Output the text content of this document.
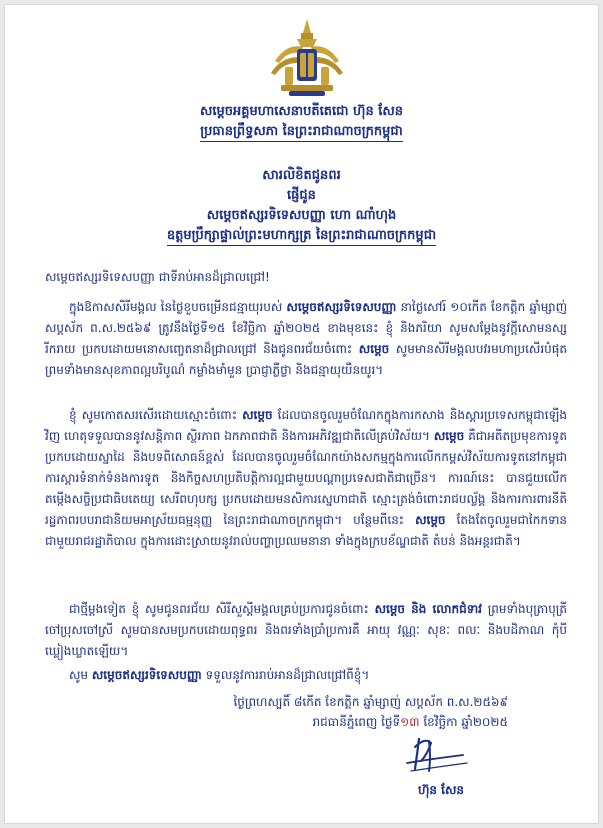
សម្ដេចអគ្គមហាសេនាបតីតេជោ ហ៊ុន សែន
ប្រធានព្រឹទ្ធសភា នៃព្រះរាជាណាចក្រកម្ពុជា
សារលិខិតជូនពរ
ផ្ញើជូន
សម្ដេចឥស្សរទិទេសបញ្ញា ហោ ណាំហុង
ឧត្ដមប្រឹក្សាផ្ទាល់ព្រះមហាក្សត្រ នៃព្រះរាជាណាចក្រកម្ពុជា
សម្ដេចឥស្សរទិទេសបញ្ញា ជាទីរាប់អានដ៏ជ្រាលជ្រៅ!
ក្នុងឱកាសសិរីមង្គល នៃថ្ងៃខួបចម្រើនជន្មាយុរបស់ សម្ដេចឥស្សរទិទេសបញ្ញា នាថ្ងៃសៅរ៍ ១០កើត ខែកត្ដិក ឆ្នាំម្សាញ់ សប្ដស័ក ព.ស.២៥៦៩ ត្រូវនឹងថ្ងៃទី១៥ ខែវិច្ឆិកា ឆ្នាំ២០២៥ ខាងមុខនេះ ខ្ញុំ និងភរិយា សូមសម្ដែងនូវក្ដីសោមនស្សរីករាយ ប្រកបដោយមនោសញ្ចេតនាដ៏ជ្រាលជ្រៅ និងជូនពរជ័យចំពោះ សម្ដេច សូមមានសិរីមង្គលបវរមហាប្រសើរបំផុត ព្រមទាំងមានសុខភាពល្អបរិបូណ៌ កម្លាំងមាំមួន ប្រាជ្ញាភ្លឺថ្លា និងជន្មាយុយឺនយូរ។
ខ្ញុំ សូមកោតសរសើរដោយស្មោះចំពោះ សម្ដេច ដែលបានចូលរួមចំណែកក្នុងការកសាង និងស្ដារប្រទេសកម្ពុជាឡើងវិញ ហេតុទទួលបាននូវសន្ដិភាព ស្ថិរភាព ឯកភាពជាតិ និងការអភិវឌ្ឍជាតិលើគ្រប់វិស័យ។ សម្ដេច គឺជាអតីតប្រមុខការទូតប្រកបដោយស្នាដៃ និងបទពិសោធន៍ខ្ពស់ ដែលបានចូលរួមចំណែកយ៉ាងសកម្មក្នុងការលើកកម្ពស់វិស័យការទូតនៅកម្ពុជា ការស្ដារទំនាក់ទំនងការទូត និងកិច្ចសហប្រតិបត្តិការល្អជាមួយបណ្ដាប្រទេសជាតិជាច្រើន។ ការណ៍នេះ បានជួយលើកតម្កើងសច្ចិប្រជាធិបតេយ្យ សេរីពហុបក្ស ប្រកបដោយមនសិការស្នេហាជាតិ ស្មោះត្រង់ចំពោះរាជបល្ល័ង្គ និងការការពារនីតិរដ្ឋភាពរបបរាជានិយមអាស្រ័យធម្មនុញ្ញ នៃព្រះរាជាណាចក្រកម្ពុជា។ បន្ថែមពីនេះ សម្ដេច តែងតែចូលរួមជាកៃកទានជាមួយរាជរដ្ឋាភិបាល ក្នុងការដោះស្រាយនូវរាល់បញ្ហាប្រឈមនានា ទាំងក្នុងក្របខ័ណ្ឌជាតិ តំបន់ និងអន្ដរជាតិ។
ជាថ្មីម្ដងទៀត ខ្ញុំ សូមជូនពរជ័យ សិរីសួស្ដីមង្គលគ្រប់ប្រការជូនចំពោះ សម្ដេច និង លោកជំទាវ ព្រមទាំងបុត្រាបុត្រី ចៅប្រុសចៅស្រី សូមបានសមប្រកបដោយពុទ្ធពរ និងពរទាំងប្រាំប្រការគឺ អាយុ វណ្ណៈ សុខៈ ពលៈ និងបដិភាណ កុំបីឃ្លៀងឃ្លាតឡើយ។
សូម សម្ដេចឥស្សរទិទេសបញ្ញា ទទួលនូវការរាប់អានដ៏ជ្រាលជ្រៅពីខ្ញុំ។
ថ្ងៃព្រហស្បតិ៍ ៨កើត ខែកត្ដិក ឆ្នាំម្សាញ់ សប្ដស័ក ព.ស.២៥៦៩
រាជធានីភ្នំពេញ ថ្ងៃទី១៣ ខែវិច្ឆិកា ឆ្នាំ២០២៥
ហ៊ុន សែន
